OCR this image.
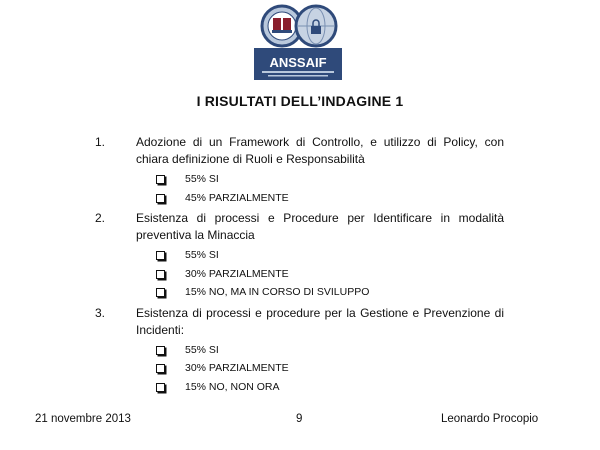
ANSSAIF
I RISULTATI DELL’INDAGINE 1
1.	Adozione di un Framework di Controllo, e utilizzo di Policy, con chiara definizione di Ruoli e Responsabilità
55% SI
45% PARZIALMENTE
2.	Esistenza di processi e Procedure per Identificare in modalità preventiva la Minaccia
55% SI
30% PARZIALMENTE
15% NO, MA IN CORSO DI SVILUPPO
3.	Esistenza di processi e procedure per la Gestione e Prevenzione di Incidenti:
55% SI
30% PARZIALMENTE
15% NO, NON ORA
21 novembre 2013	9	Leonardo Procopio
